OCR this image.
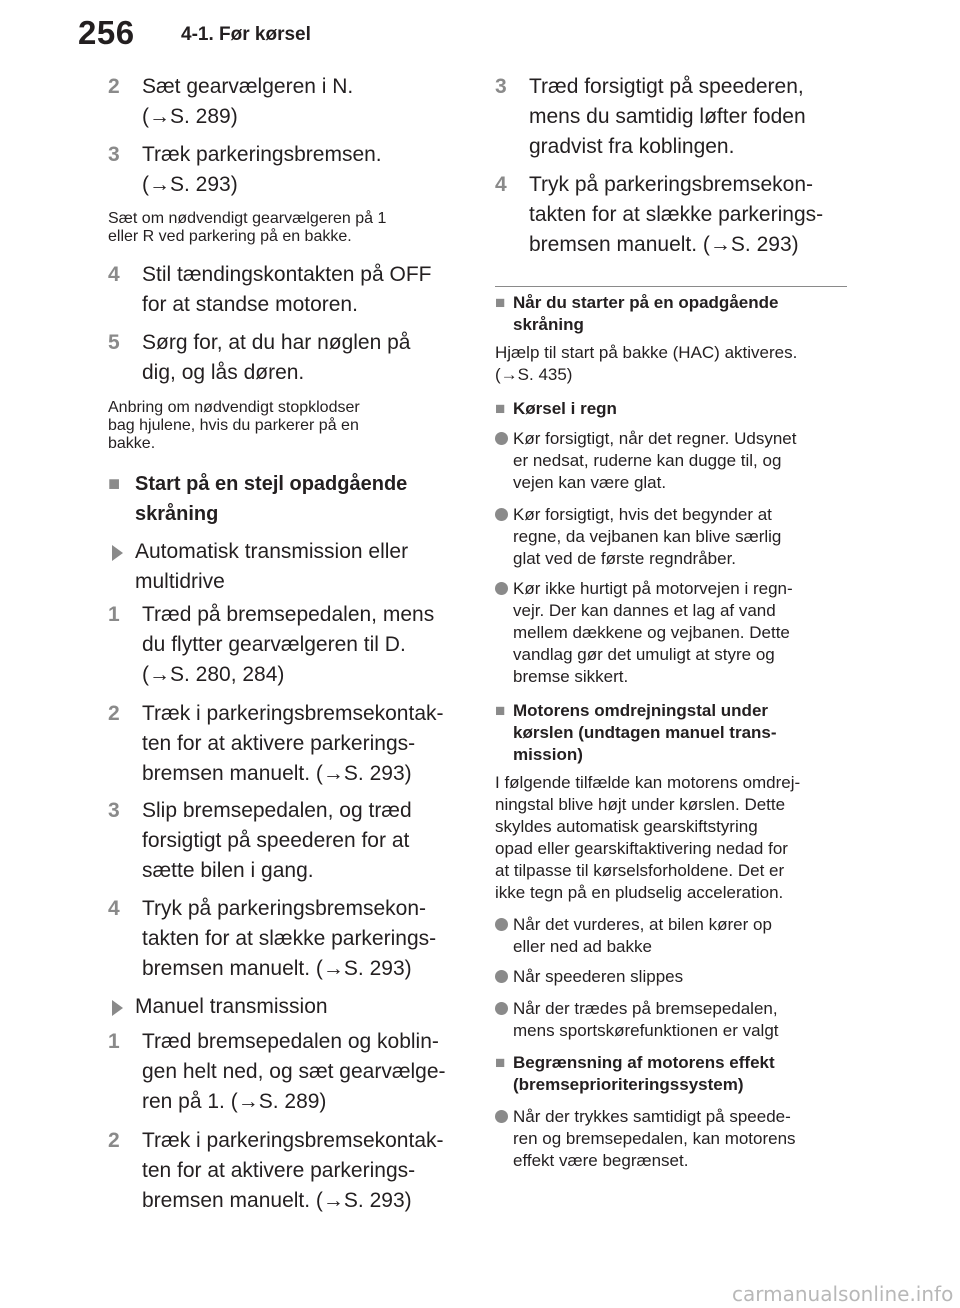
256 4-1. Før kørsel
2	Sæt gearvælgeren i N.
(→S. 289)
3	Træk parkeringsbremsen.
(→S. 293)
Sæt om nødvendigt gearvælgeren på 1
eller R ved parkering på en bakke.
4	Stil tændingskontakten på OFF
for at standse motoren.
5	Sørg for, at du har nøglen på
dig, og lås døren.
Anbring om nødvendigt stopklodser
bag hjulene, hvis du parkerer på en
bakke.
■ Start på en stejl opadgående
skråning
Automatisk transmission eller
multidrive
1	Træd på bremsepedalen, mens
du flytter gearvælgeren til D.
(→S. 280, 284)
2	Træk i parkeringsbremsekontak-
ten for at aktivere parkerings-
bremsen manuelt. (→S. 293)
3	Slip bremsepedalen, og træd
forsigtigt på speederen for at
sætte bilen i gang.
4	Tryk på parkeringsbremsekon-
takten for at slække parkerings-
bremsen manuelt. (→S. 293)
Manuel transmission
1	Træd bremsepedalen og koblin-
gen helt ned, og sæt gearvælge-
ren på 1. (→S. 289)
2	Træk i parkeringsbremsekontak-
ten for at aktivere parkerings-
bremsen manuelt. (→S. 293)
3	Træd forsigtigt på speederen,
mens du samtidig løfter foden
gradvist fra koblingen.
4	Tryk på parkeringsbremsekon-
takten for at slække parkerings-
bremsen manuelt. (→S. 293)
■ Når du starter på en opadgående
skråning
Hjælp til start på bakke (HAC) aktiveres.
(→S. 435)
■ Kørsel i regn
Kør forsigtigt, når det regner. Udsynet
er nedsat, ruderne kan dugge til, og
vejen kan være glat.
Kør forsigtigt, hvis det begynder at
regne, da vejbanen kan blive særlig
glat ved de første regndråber.
Kør ikke hurtigt på motorvejen i regn-
vejr. Der kan dannes et lag af vand
mellem dækkene og vejbanen. Dette
vandlag gør det umuligt at styre og
bremse sikkert.
■ Motorens omdrejningstal under
kørslen (undtagen manuel trans-
mission)
I følgende tilfælde kan motorens omdrej-
ningstal blive højt under kørslen. Dette
skyldes automatisk gearskiftstyring
opad eller gearskiftaktivering nedad for
at tilpasse til kørselsforholdene. Det er
ikke tegn på en pludselig acceleration.
Når det vurderes, at bilen kører op
eller ned ad bakke
Når speederen slippes
Når der trædes på bremsepedalen,
mens sportskørefunktionen er valgt
■ Begrænsning af motorens effekt
(bremseprioriteringssystem)
Når der trykkes samtidigt på speede-
ren og bremsepedalen, kan motorens
effekt være begrænset.
carmanualsonline.info
